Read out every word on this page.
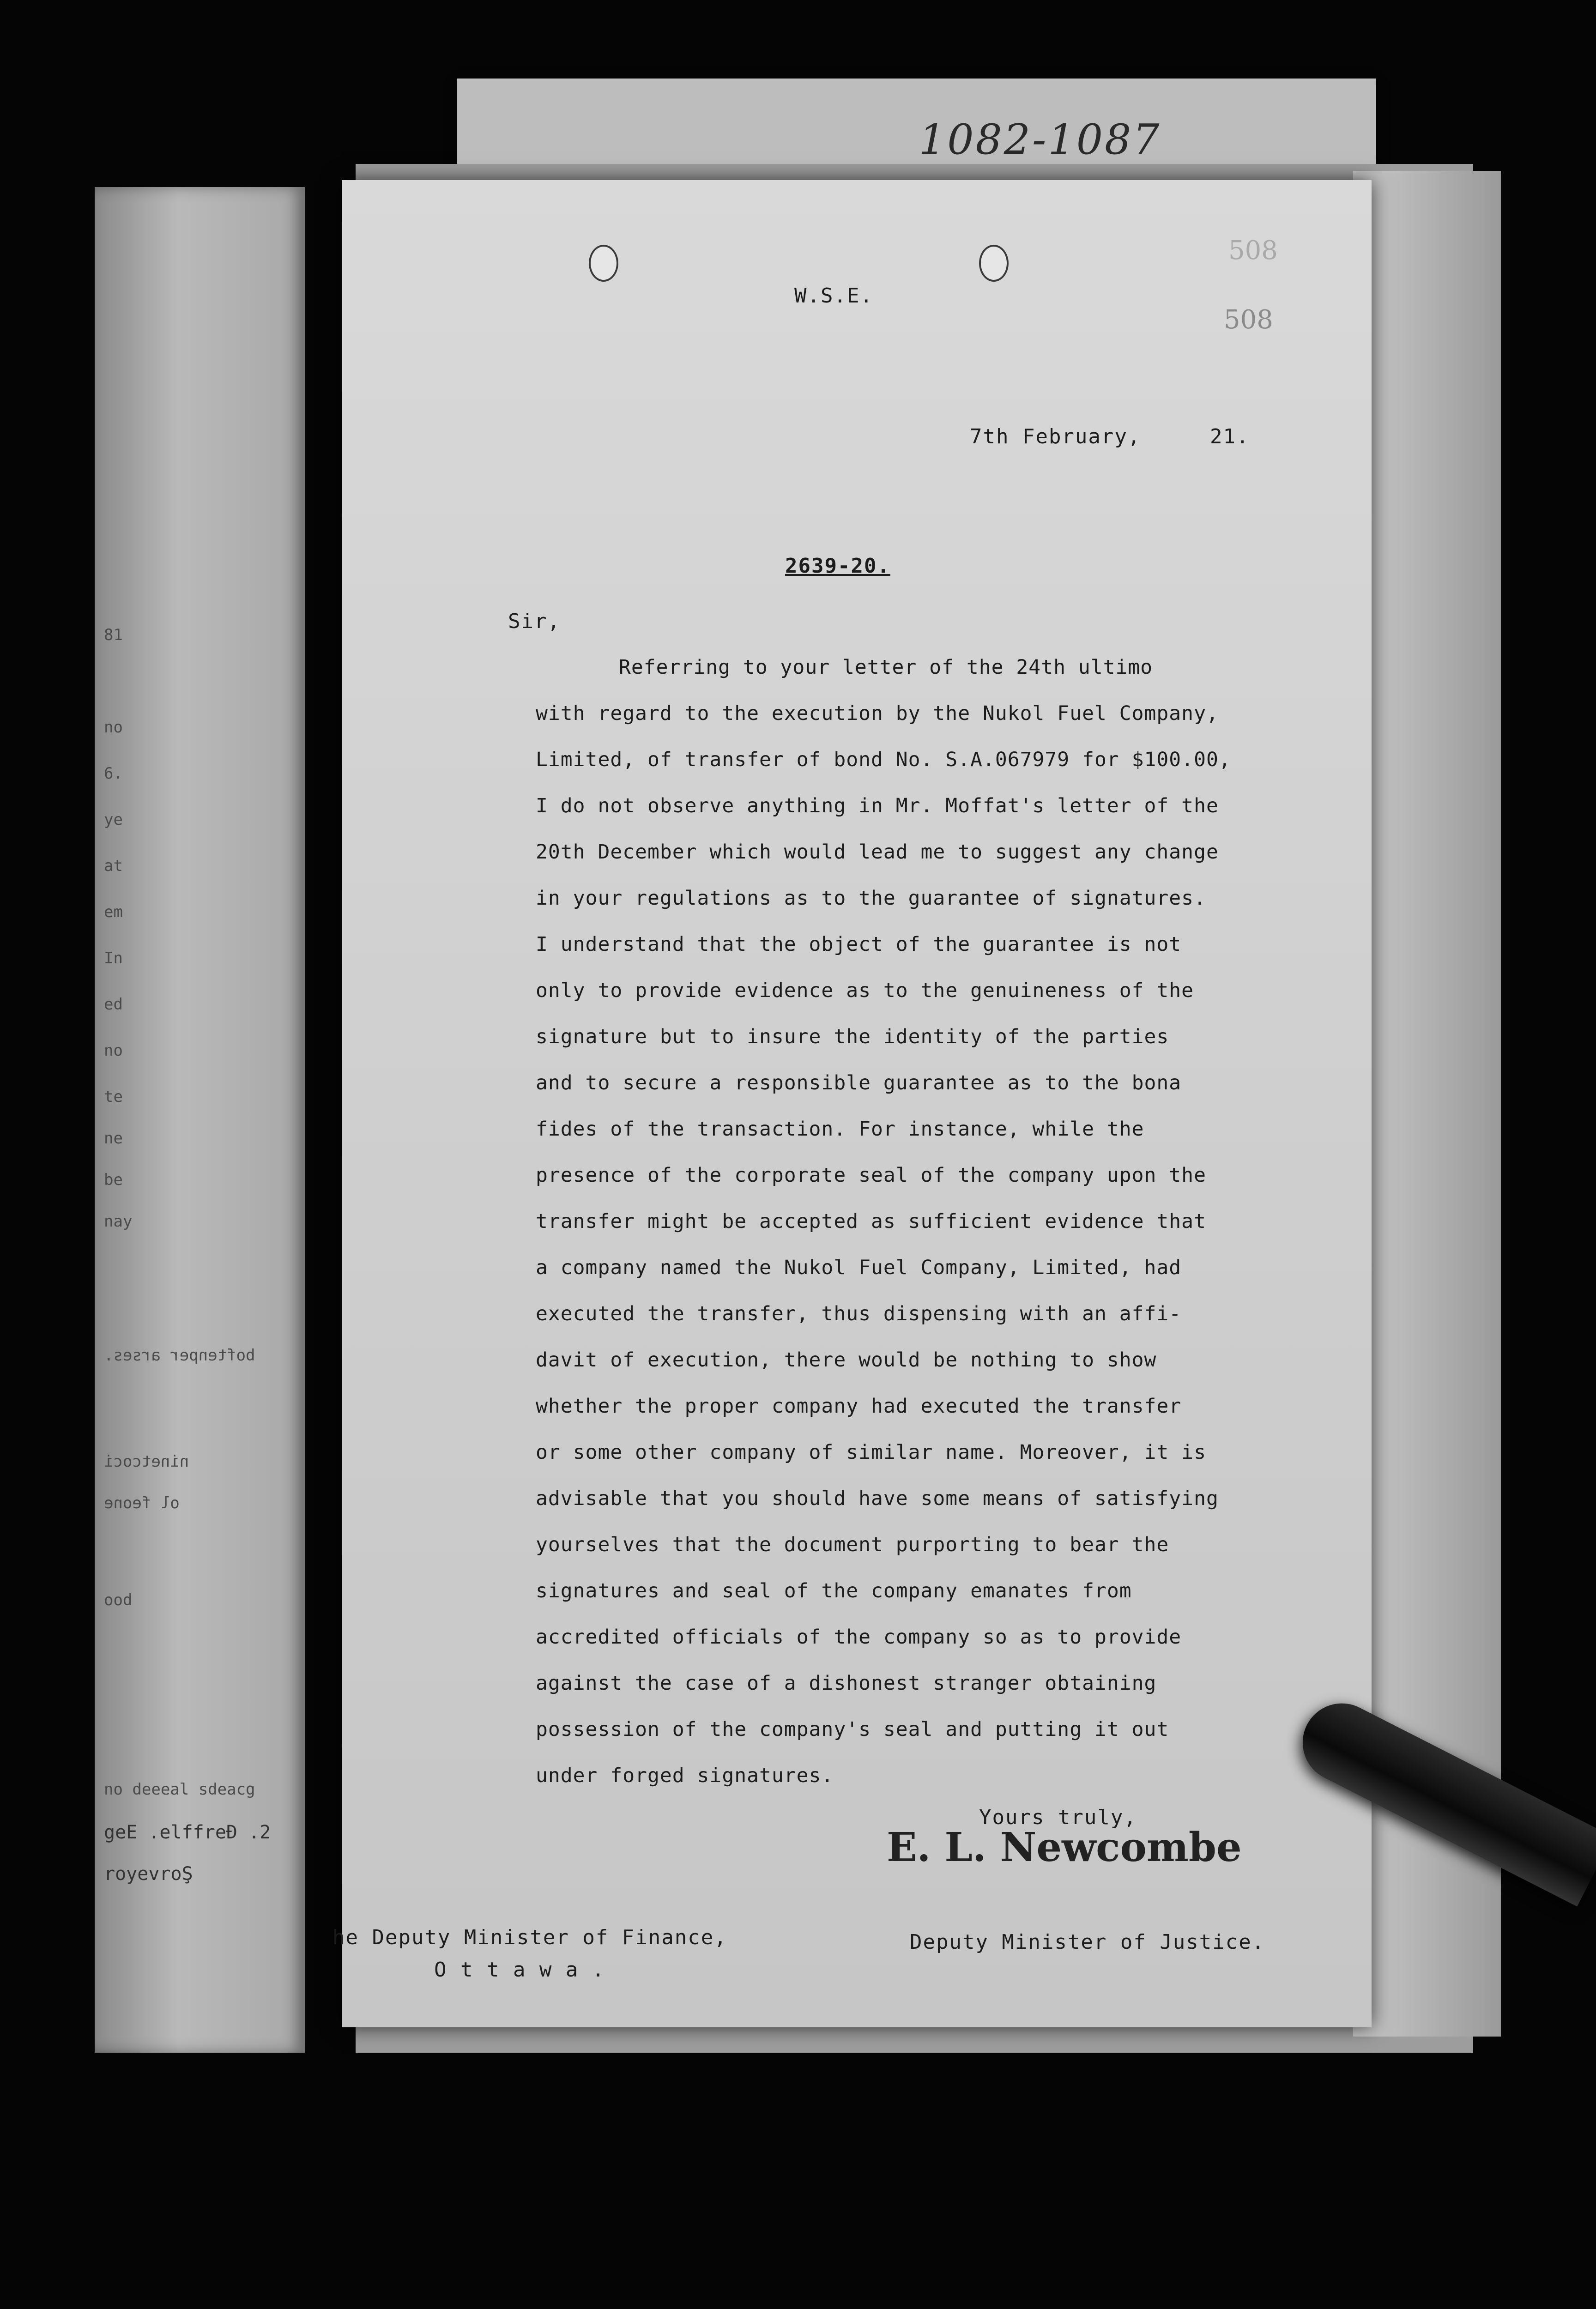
81
no
6.
ye
at
em
In
ed
no
te
ne
be
nay
boftenper arses.
ninetcoci
ol feone
ood
no deeeal sdeacg
geE .elffreÐ .2
royevroŞ
1082-1087
508
508
W.S.E.
7th February,	21.
2639-20.
Sir,
Referring to your letter of the 24th ultimo
with regard to the execution by the Nukol Fuel Company,
Limited, of transfer of bond No. S.A.067979 for $100.00,
I do not observe anything in Mr. Moffat's letter of the
20th December which would lead me to suggest any change
in your regulations as to the guarantee of signatures.
I understand that the object of the guarantee is not
only to provide evidence as to the genuineness of the
signature but to insure the identity of the parties
and to secure a responsible guarantee as to the bona
fides of the transaction. For instance, while the
presence of the corporate seal of the company upon the
transfer might be accepted as sufficient evidence that
a company named the Nukol Fuel Company, Limited, had
executed the transfer, thus dispensing with an affi-
davit of execution, there would be nothing to show
whether the proper company had executed the transfer
or some other company of similar name. Moreover, it is
advisable that you should have some means of satisfying
yourselves that the document purporting to bear the
signatures and seal of the company emanates from
accredited officials of the company so as to provide
against the case of a dishonest stranger obtaining
possession of the company's seal and putting it out
under forged signatures.
Yours truly,
E. L. Newcombe
he Deputy Minister of Finance,
O t t a w a .
Deputy Minister of Justice.
